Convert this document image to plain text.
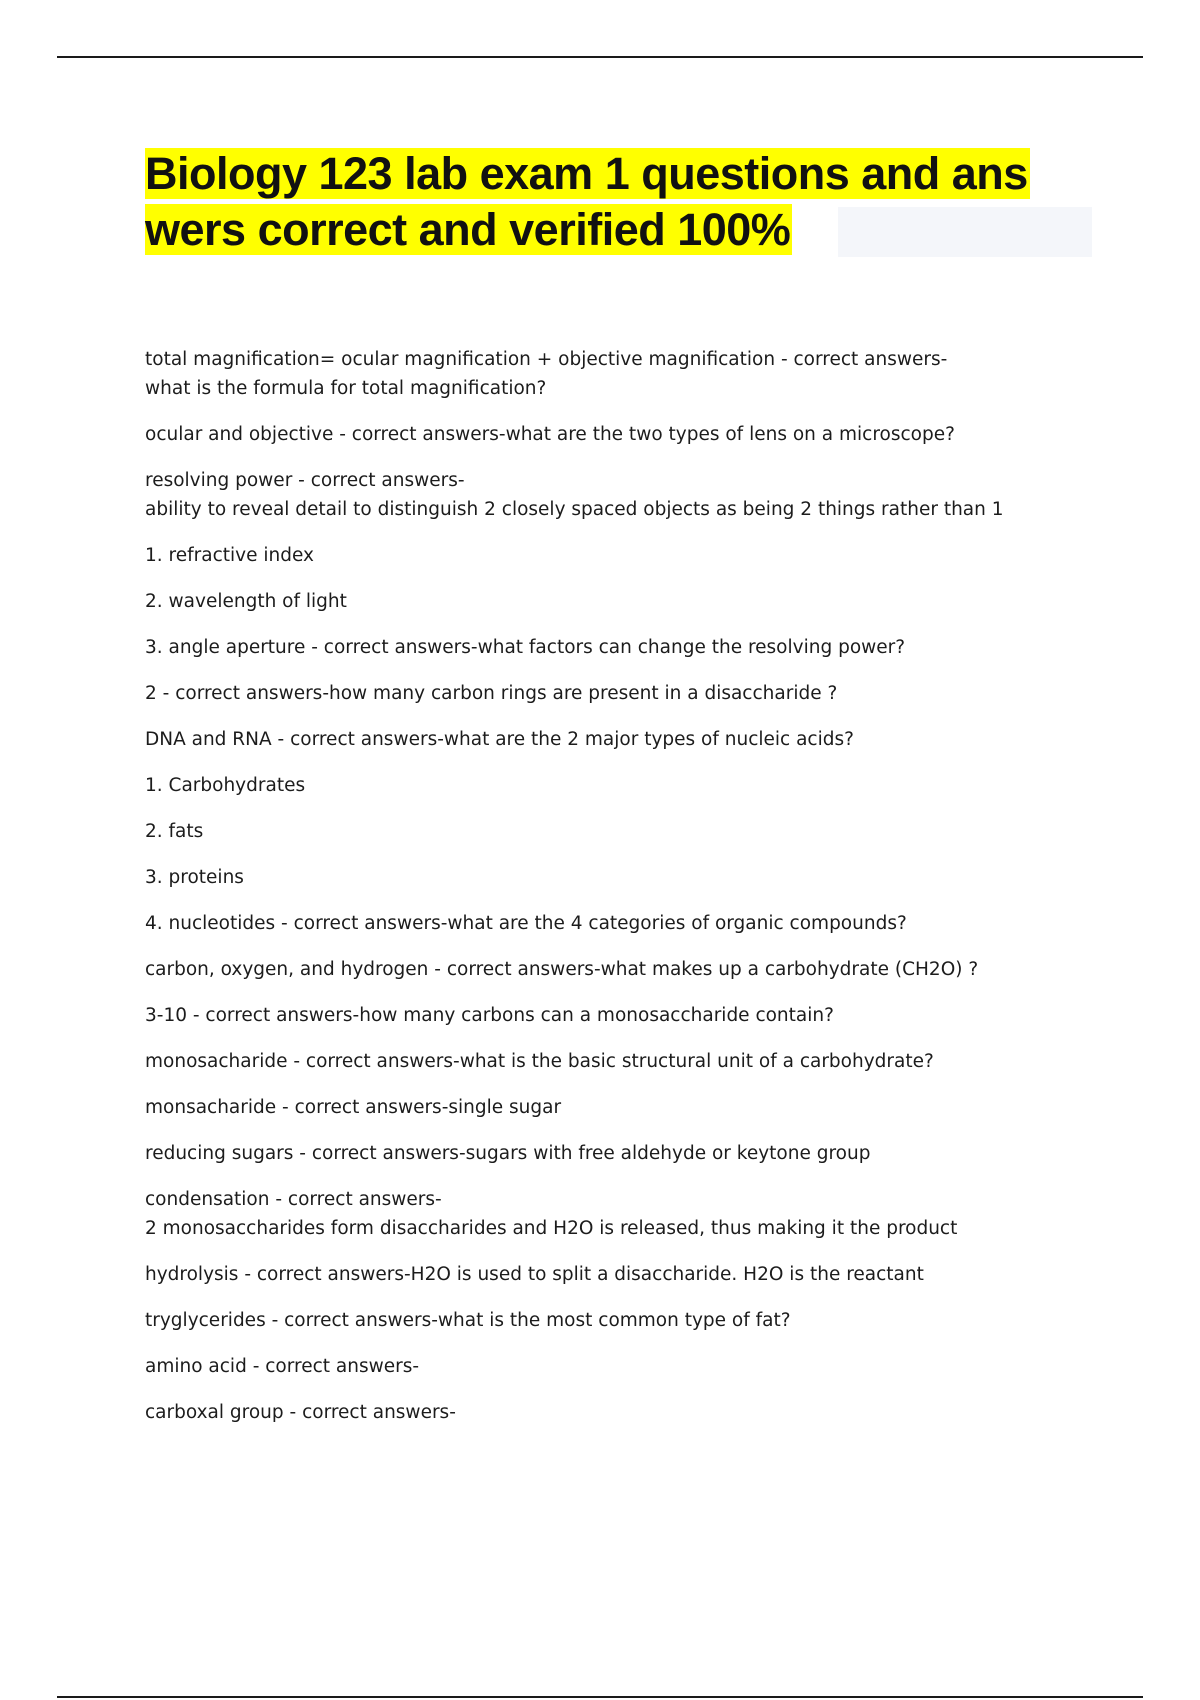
Biology 123 lab exam 1 questions and ans
wers correct and verified 100%
total magnification= ocular magnification + objective magnification - correct answers-
what is the formula for total magnification?
ocular and objective - correct answers-what are the two types of lens on a microscope?
resolving power - correct answers-
ability to reveal detail to distinguish 2 closely spaced objects as being 2 things rather than 1
1. refractive index
2. wavelength of light
3. angle aperture - correct answers-what factors can change the resolving power?
2 - correct answers-how many carbon rings are present in a disaccharide ?
DNA and RNA - correct answers-what are the 2 major types of nucleic acids?
1. Carbohydrates
2. fats
3. proteins
4. nucleotides - correct answers-what are the 4 categories of organic compounds?
carbon, oxygen, and hydrogen - correct answers-what makes up a carbohydrate (CH2O) ?
3-10 - correct answers-how many carbons can a monosaccharide contain?
monosacharide - correct answers-what is the basic structural unit of a carbohydrate?
monsacharide - correct answers-single sugar
reducing sugars - correct answers-sugars with free aldehyde or keytone group
condensation - correct answers-
2 monosaccharides form disaccharides and H2O is released, thus making it the product
hydrolysis - correct answers-H2O is used to split a disaccharide. H2O is the reactant
tryglycerides - correct answers-what is the most common type of fat?
amino acid - correct answers-
carboxal group - correct answers-
